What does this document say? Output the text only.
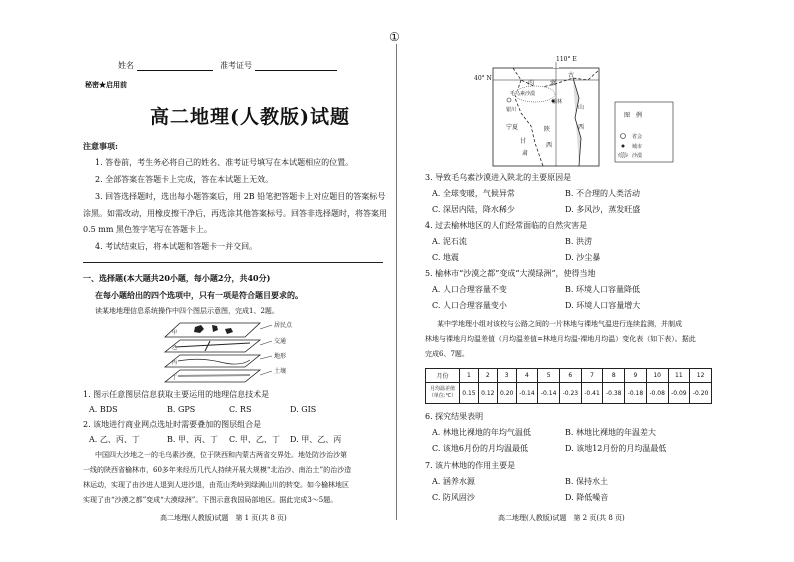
姓名	准考证号
秘密★启用前
高二地理(人教版)试题
注意事项:
1. 答卷前，考生务必将自己的姓名、准考证号填写在本试题相应的位置。
2. 全部答案在答题卡上完成，答在本试题上无效。
3. 回答选择题时，选出每小题答案后，用 2B 铅笔把答题卡上对应题目的答案标号
涂黑。如需改动，用橡皮擦干净后，再选涂其他答案标号。回答非选择题时，将答案用
0.5 mm 黑色签字笔写在答题卡上。
4. 考试结束后，将本试题和答题卡一并交回。
一、选择题(本大题共20小题，每小题2分，共40分)
在每小题给出的四个选项中，只有一项是符合题目要求的。
读某地地理信息系统操作中四个图层示意图，完成1、2题。
居民点
交通
地形
土壤
甲
乙
丙
丁
1. 图示任意图层信息获取主要运用的地理信息技术是
A. BDS	B. GPS	C. RS	D. GIS
2. 该地进行商业网点选址时需要叠加的图层组合是
A. 乙、丙、丁	B. 甲、丙、丁 C. 甲、乙、丁 D. 甲、乙、丙
中国四大沙地之一的毛乌素沙漠，位于陕西和内蒙古两省交界处。地处防沙治沙第
一线的陕西省榆林市，60多年来经历几代人持续开展大规模“北治沙、南治土”的治沙造
林运动，实现了由沙进人退到人进沙退，由荒山秃岭到绿满山川的转变。如今榆林地区
实现了由“沙漠之都”变成“大漠绿洲”。下图示意我国局部地区。据此完成3～5题。
高二地理(人教版)试题　第 1 页(共 8 页)
①
40° N
110° E
内	蒙
古
毛乌素沙漠
榆林
银川
宁夏	陕
西
甘
肃
山
西
图　例
省会
城市
沙漠
3. 导致毛乌素沙漠进入陕北的主要原因是
A. 全球变暖，气候异常	B. 不合理的人类活动
C. 深居内陆，降水稀少	D. 多风沙，蒸发旺盛
4. 过去榆林地区的人们经常面临的自然灾害是
A. 泥石流	B. 洪涝
C. 地震	D. 沙尘暴
5. 榆林市“沙漠之都”变成“大漠绿洲”，使得当地
A. 人口合理容量不变	B. 环境人口容量降低
C. 人口合理容量变小	D. 环境人口容量增大
某中学地理小组对该校与公路之间的一片林地与裸地气温进行连续监测，并制成
林地与裸地月均温差值（月均温差值=林地月均温-裸地月均温）变化表（如下表）。据此
完成6、7题。
月份	1	2	3	4	5	6	7	8	9	10	11	12
月均温差值（单位:℃）	0.15	0.12	0.20	-0.14	-0.14	-0.23	-0.41	-0.38	-0.18	-0.08	-0.09	-0.20
6. 探究结果表明
A. 林地比裸地的年均气温低	B. 林地比裸地的年温差大
C. 该地6月份的月均温最低	D. 该地12月份的月均温最低
7. 该片林地的作用主要是
A. 涵养水源	B. 保持水土
C. 防风固沙	D. 降低噪音
高二地理(人教版)试题　第 2 页(共 8 页)
